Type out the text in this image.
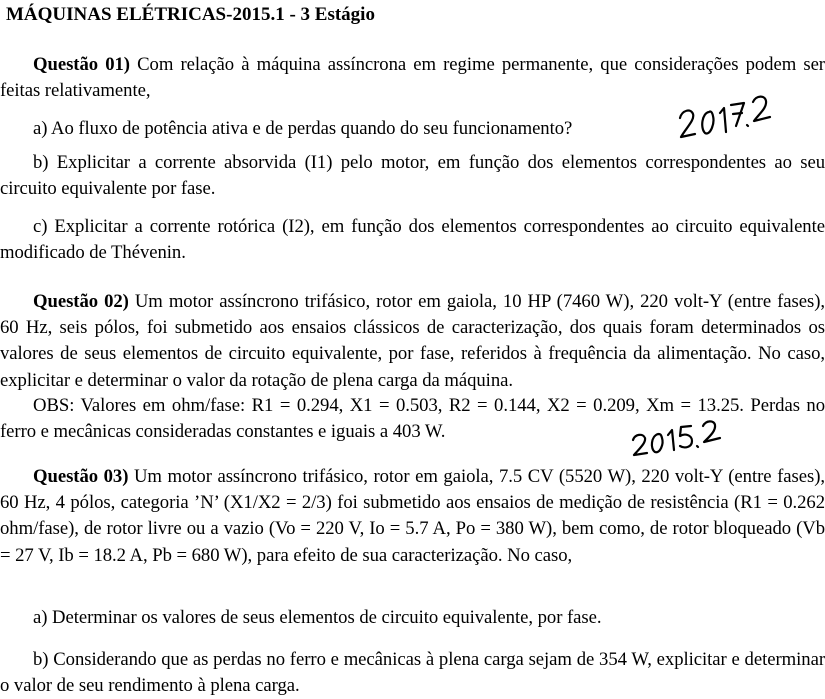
MÁQUINAS ELÉTRICAS-2015.1 - 3 Estágio
Questão 01) Com relação à máquina assíncrona em regime permanente, que considerações podem ser feitas relativamente,
a) Ao fluxo de potência ativa e de perdas quando do seu funcionamento?
b) Explicitar a corrente absorvida (I1) pelo motor, em função dos elementos correspondentes ao seu circuito equivalente por fase.
c) Explicitar a corrente rotórica (I2), em função dos elementos correspondentes ao circuito equivalente modificado de Thévenin.
Questão 02) Um motor assíncrono trifásico, rotor em gaiola, 10 HP (7460 W), 220 volt-Y (entre fases), 60 Hz, seis pólos, foi submetido aos ensaios clássicos de caracterização, dos quais foram determinados os valores de seus elementos de circuito equivalente, por fase, referidos à frequência da alimentação. No caso, explicitar e determinar o valor da rotação de plena carga da máquina.
OBS: Valores em ohm/fase: R1 = 0.294, X1 = 0.503, R2 = 0.144, X2 = 0.209, Xm = 13.25. Perdas no ferro e mecânicas consideradas constantes e iguais a 403 W.
Questão 03) Um motor assíncrono trifásico, rotor em gaiola, 7.5 CV (5520 W), 220 volt-Y (entre fases), 60 Hz, 4 pólos, categoria ’N’ (X1/X2 = 2/3) foi submetido aos ensaios de medição de resistência (R1 = 0.262 ohm/fase), de rotor livre ou a vazio (Vo = 220 V, Io = 5.7 A, Po = 380 W), bem como, de rotor bloqueado (Vb = 27 V, Ib = 18.2 A, Pb = 680 W), para efeito de sua caracterização. No caso,
a) Determinar os valores de seus elementos de circuito equivalente, por fase.
b) Considerando que as perdas no ferro e mecânicas à plena carga sejam de 354 W, explicitar e determinar o valor de seu rendimento à plena carga.
